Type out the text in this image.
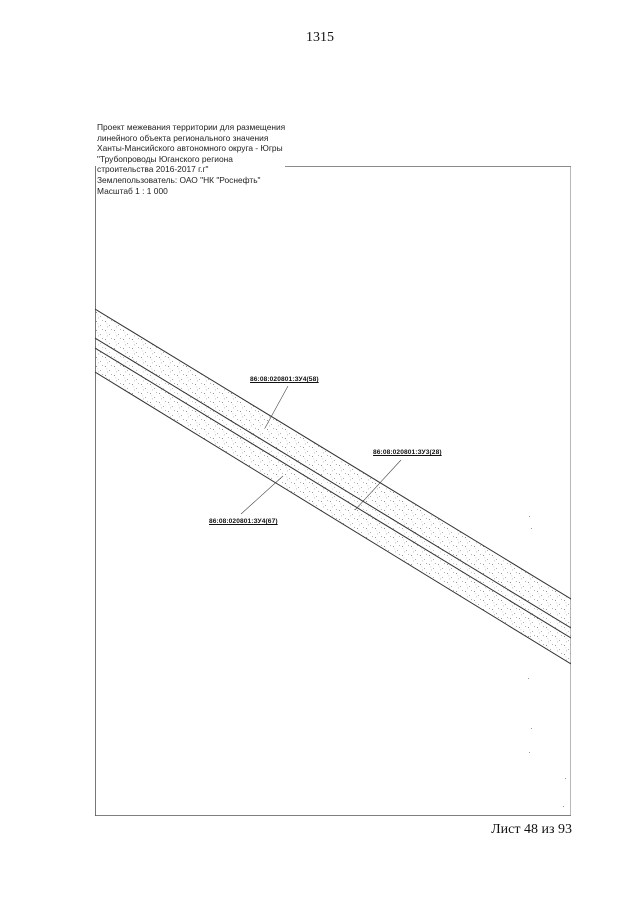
1315
Проект межевания территории для размещения
линейного объекта регионального значения
Ханты-Мансийского автономного округа - Югры
"Трубопроводы Юганского региона
строительства 2016-2017 г.г"
Землепользователь: ОАО "НК "Роснефть"
Масштаб 1 : 1 000
86:08:020801:ЗУ4(58)
86:08:020801:ЗУ3(28)
86:08:020801:ЗУ4(67)
Лист 48 из 93
